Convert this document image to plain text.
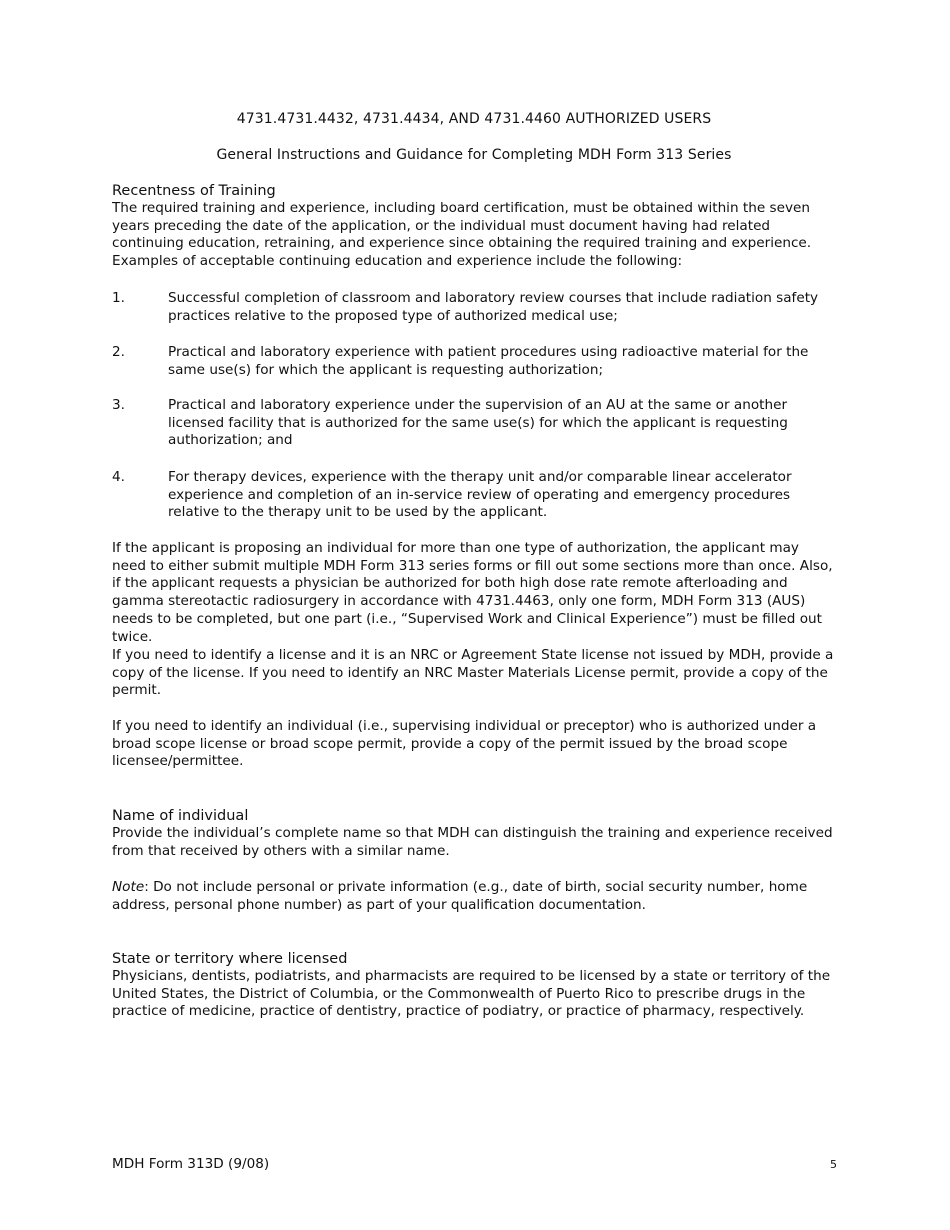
4731.4731.4432, 4731.4434, AND 4731.4460 AUTHORIZED USERS
General Instructions and Guidance for Completing MDH Form 313 Series
Recentness of Training

The required training and experience, including board certification, must be obtained within the seven years preceding the date of the application, or the individual must document having had related continuing education, retraining, and experience since obtaining the required training and experience. Examples of acceptable continuing education and experience include the following:

1.	Successful completion of classroom and laboratory review courses that include radiation safety practices relative to the proposed type of authorized medical use;
2.	Practical and laboratory experience with patient procedures using radioactive material for the same use(s) for which the applicant is requesting authorization;
3.	Practical and laboratory experience under the supervision of an AU at the same or another licensed facility that is authorized for the same use(s) for which the applicant is requesting authorization; and
4.	For therapy devices, experience with the therapy unit and/or comparable linear accelerator experience and completion of an in-service review of operating and emergency procedures relative to the therapy unit to be used by the applicant.

If the applicant is proposing an individual for more than one type of authorization, the applicant may need to either submit multiple MDH Form 313 series forms or fill out some sections more than once. Also, if the applicant requests a physician be authorized for both high dose rate remote afterloading and gamma stereotactic radiosurgery in accordance with 4731.4463, only one form, MDH Form 313 (AUS) needs to be completed, but one part (i.e., “Supervised Work and Clinical Experience”) must be filled out twice.

If you need to identify a license and it is an NRC or Agreement State license not issued by MDH, provide a copy of the license. If you need to identify an NRC Master Materials License permit, provide a copy of the permit.

If you need to identify an individual (i.e., supervising individual or preceptor) who is authorized under a broad scope license or broad scope permit, provide a copy of the permit issued by the broad scope licensee/permittee.

Name of individual

Provide the individual’s complete name so that MDH can distinguish the training and experience received from that received by others with a similar name.

Note: Do not include personal or private information (e.g., date of birth, social security number, home address, personal phone number) as part of your qualification documentation.

State or territory where licensed

Physicians, dentists, podiatrists, and pharmacists are required to be licensed by a state or territory of the United States, the District of Columbia, or the Commonwealth of Puerto Rico to prescribe drugs in the practice of medicine, practice of dentistry, practice of podiatry, or practice of pharmacy, respectively.

MDH Form 313D (9/08)	5
